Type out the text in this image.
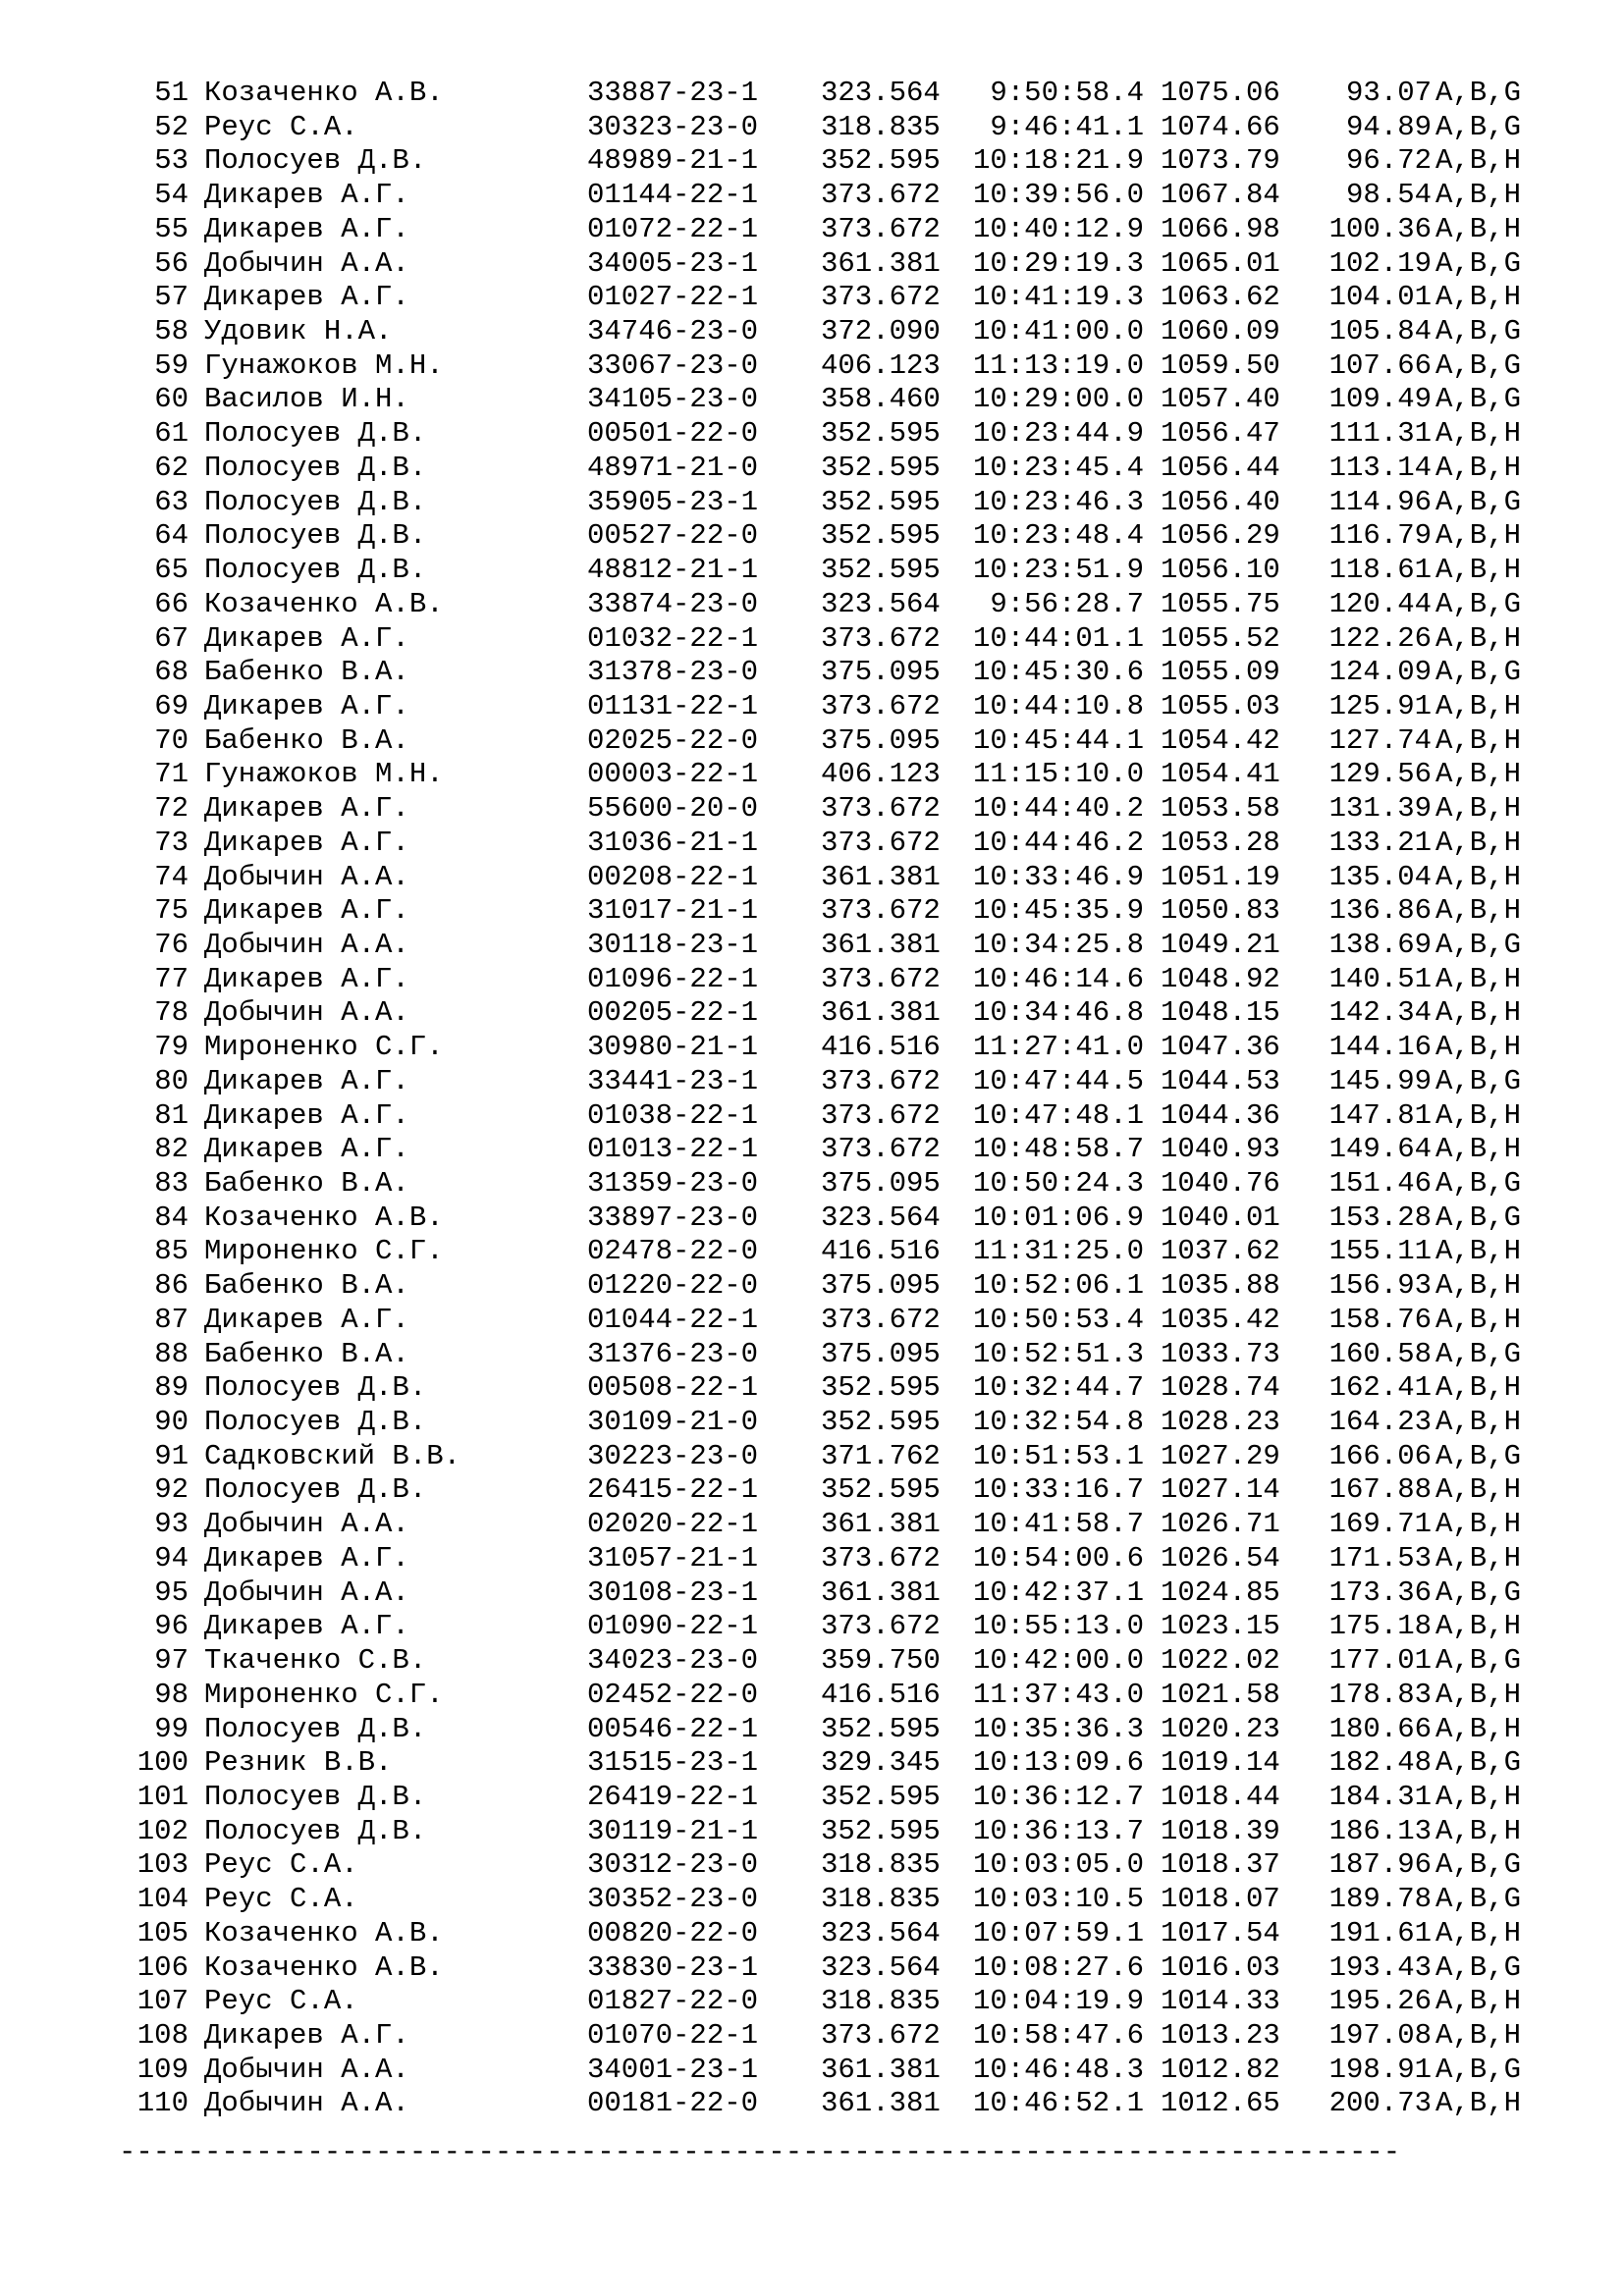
51 Козаченко А.В.	33887-23-1 323.564	9:50:58.4 1075.06	93.07 A,B,G
52 Реус С.А.	30323-23-0 318.835	9:46:41.1 1074.66	94.89 A,B,G
53 Полосуев Д.В.	48989-21-1 352.595 10:18:21.9 1073.79	96.72 A,B,H
54 Дикарев А.Г.	01144-22-1 373.672 10:39:56.0 1067.84	98.54 A,B,H
55 Дикарев А.Г.	01072-22-1 373.672 10:40:12.9 1066.98	100.36 A,B,H
56 Добычин А.А.	34005-23-1 361.381 10:29:19.3 1065.01	102.19 A,B,G
57 Дикарев А.Г.	01027-22-1 373.672 10:41:19.3 1063.62	104.01 A,B,H
58 Удовик Н.А.	34746-23-0 372.090 10:41:00.0 1060.09	105.84 A,B,G
59 Гунажоков М.Н.	33067-23-0 406.123 11:13:19.0 1059.50	107.66 A,B,G
60 Василов И.Н.	34105-23-0 358.460 10:29:00.0 1057.40	109.49 A,B,G
61 Полосуев Д.В.	00501-22-0 352.595 10:23:44.9 1056.47	111.31 A,B,H
62 Полосуев Д.В.	48971-21-0 352.595 10:23:45.4 1056.44	113.14 A,B,H
63 Полосуев Д.В.	35905-23-1 352.595 10:23:46.3 1056.40	114.96 A,B,G
64 Полосуев Д.В.	00527-22-0 352.595 10:23:48.4 1056.29	116.79 A,B,H
65 Полосуев Д.В.	48812-21-1 352.595 10:23:51.9 1056.10	118.61 A,B,H
66 Козаченко А.В.	33874-23-0 323.564	9:56:28.7 1055.75	120.44 A,B,G
67 Дикарев А.Г.	01032-22-1 373.672 10:44:01.1 1055.52	122.26 A,B,H
68 Бабенко В.А.	31378-23-0 375.095 10:45:30.6 1055.09	124.09 A,B,G
69 Дикарев А.Г.	01131-22-1 373.672 10:44:10.8 1055.03	125.91 A,B,H
70 Бабенко В.А.	02025-22-0 375.095 10:45:44.1 1054.42	127.74 A,B,H
71 Гунажоков М.Н.	00003-22-1 406.123 11:15:10.0 1054.41	129.56 A,B,H
72 Дикарев А.Г.	55600-20-0 373.672 10:44:40.2 1053.58	131.39 A,B,H
73 Дикарев А.Г.	31036-21-1 373.672 10:44:46.2 1053.28	133.21 A,B,H
74 Добычин А.А.	00208-22-1 361.381 10:33:46.9 1051.19	135.04 A,B,H
75 Дикарев А.Г.	31017-21-1 373.672 10:45:35.9 1050.83	136.86 A,B,H
76 Добычин А.А.	30118-23-1 361.381 10:34:25.8 1049.21	138.69 A,B,G
77 Дикарев А.Г.	01096-22-1 373.672 10:46:14.6 1048.92	140.51 A,B,H
78 Добычин А.А.	00205-22-1 361.381 10:34:46.8 1048.15	142.34 A,B,H
79 Мироненко С.Г.	30980-21-1 416.516 11:27:41.0 1047.36	144.16 A,B,H
80 Дикарев А.Г.	33441-23-1 373.672 10:47:44.5 1044.53	145.99 A,B,G
81 Дикарев А.Г.	01038-22-1 373.672 10:47:48.1 1044.36	147.81 A,B,H
82 Дикарев А.Г.	01013-22-1 373.672 10:48:58.7 1040.93	149.64 A,B,H
83 Бабенко В.А.	31359-23-0 375.095 10:50:24.3 1040.76	151.46 A,B,G
84 Козаченко А.В.	33897-23-0 323.564 10:01:06.9 1040.01	153.28 A,B,G
85 Мироненко С.Г.	02478-22-0 416.516 11:31:25.0 1037.62	155.11 A,B,H
86 Бабенко В.А.	01220-22-0 375.095 10:52:06.1 1035.88	156.93 A,B,H
87 Дикарев А.Г.	01044-22-1 373.672 10:50:53.4 1035.42	158.76 A,B,H
88 Бабенко В.А.	31376-23-0 375.095 10:52:51.3 1033.73	160.58 A,B,G
89 Полосуев Д.В.	00508-22-1 352.595 10:32:44.7 1028.74	162.41 A,B,H
90 Полосуев Д.В.	30109-21-0 352.595 10:32:54.8 1028.23	164.23 A,B,H
91 Садковский В.В.	30223-23-0 371.762 10:51:53.1 1027.29	166.06 A,B,G
92 Полосуев Д.В.	26415-22-1 352.595 10:33:16.7 1027.14	167.88 A,B,H
93 Добычин А.А.	02020-22-1 361.381 10:41:58.7 1026.71	169.71 A,B,H
94 Дикарев А.Г.	31057-21-1 373.672 10:54:00.6 1026.54	171.53 A,B,H
95 Добычин А.А.	30108-23-1 361.381 10:42:37.1 1024.85	173.36 A,B,G
96 Дикарев А.Г.	01090-22-1 373.672 10:55:13.0 1023.15	175.18 A,B,H
97 Ткаченко С.В.	34023-23-0 359.750 10:42:00.0 1022.02	177.01 A,B,G
98 Мироненко С.Г.	02452-22-0 416.516 11:37:43.0 1021.58	178.83 A,B,H
99 Полосуев Д.В.	00546-22-1 352.595 10:35:36.3 1020.23	180.66 A,B,H
100 Резник В.В.	31515-23-1 329.345 10:13:09.6 1019.14	182.48 A,B,G
101 Полосуев Д.В.	26419-22-1 352.595 10:36:12.7 1018.44	184.31 A,B,H
102 Полосуев Д.В.	30119-21-1 352.595 10:36:13.7 1018.39	186.13 A,B,H
103 Реус С.А.	30312-23-0 318.835 10:03:05.0 1018.37	187.96 A,B,G
104 Реус С.А.	30352-23-0 318.835 10:03:10.5 1018.07	189.78 A,B,G
105 Козаченко А.В.	00820-22-0 323.564 10:07:59.1 1017.54	191.61 A,B,H
106 Козаченко А.В.	33830-23-1 323.564 10:08:27.6 1016.03	193.43 A,B,G
107 Реус С.А.	01827-22-0 318.835 10:04:19.9 1014.33	195.26 A,B,H
108 Дикарев А.Г.	01070-22-1 373.672 10:58:47.6 1013.23	197.08 A,B,H
109 Добычин А.А.	34001-23-1 361.381 10:46:48.3 1012.82	198.91 A,B,G
110 Добычин А.А.	00181-22-0 361.381 10:46:52.1 1012.65	200.73 A,B,H
---------------------------------------------------------------------------
